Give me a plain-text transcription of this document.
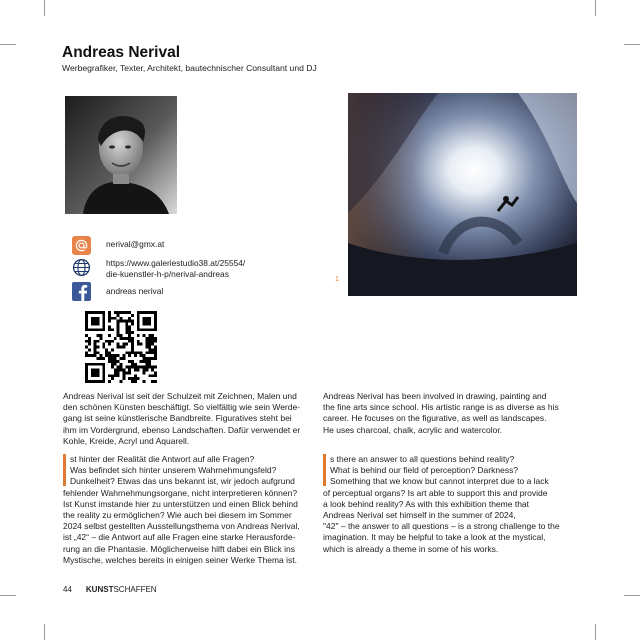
Andreas Nerival
Werbegrafiker, Texter, Architekt, bautechnischer Consultant und DJ
1
nerival@gmx.at
https://www.galeriestudio38.at/25554/
die-kuenstler-h-p/nerival-andreas
andreas nerival
Andreas Nerival ist seit der Schulzeit mit Zeichnen, Malen und
den schönen Künsten beschäftigt. So vielfältig wie sein Werde-
gang ist seine künstlerische Bandbreite. Figuratives steht bei
ihm im Vordergrund, ebenso Landschaften. Dafür verwendet er
Kohle, Kreide, Acryl und Aquarell.
Andreas Nerival has been involved in drawing, painting and
the fine arts since school. His artistic range is as diverse as his
career. He focuses on the figurative, as well as landscapes.
He uses charcoal, chalk, acrylic and watercolor.
st hinter der Realität die Antwort auf alle Fragen?
Was befindet sich hinter unserem Wahrnehmungsfeld?
Dunkelheit? Etwas das uns bekannt ist, wir jedoch aufgrund
fehlender Wahrnehmungsorgane, nicht interpretieren können?
Ist Kunst imstande hier zu unterstützen und einen Blick behind
the reality zu ermöglichen? Wie auch bei diesem im Sommer
2024 selbst gestellten Ausstellungsthema von Andreas Nerival,
ist „42“ – die Antwort auf alle Fragen eine starke Herausforde-
rung an die Phantasie. Möglicherweise hilft dabei ein Blick ins
Mystische, welches bereits in einigen seiner Werke Thema ist.
s there an answer to all questions behind reality?
What is behind our field of perception? Darkness?
Something that we know but cannot interpret due to a lack
of perceptual organs? Is art able to support this and provide
a look behind reality? As with this exhibition theme that
Andreas Nerival set himself in the summer of 2024,
"42" – the answer to all questions – is a strong challenge to the
imagination. It may be helpful to take a look at the mystical,
which is already a theme in some of his works.
44 KUNSTSCHAFFEN
